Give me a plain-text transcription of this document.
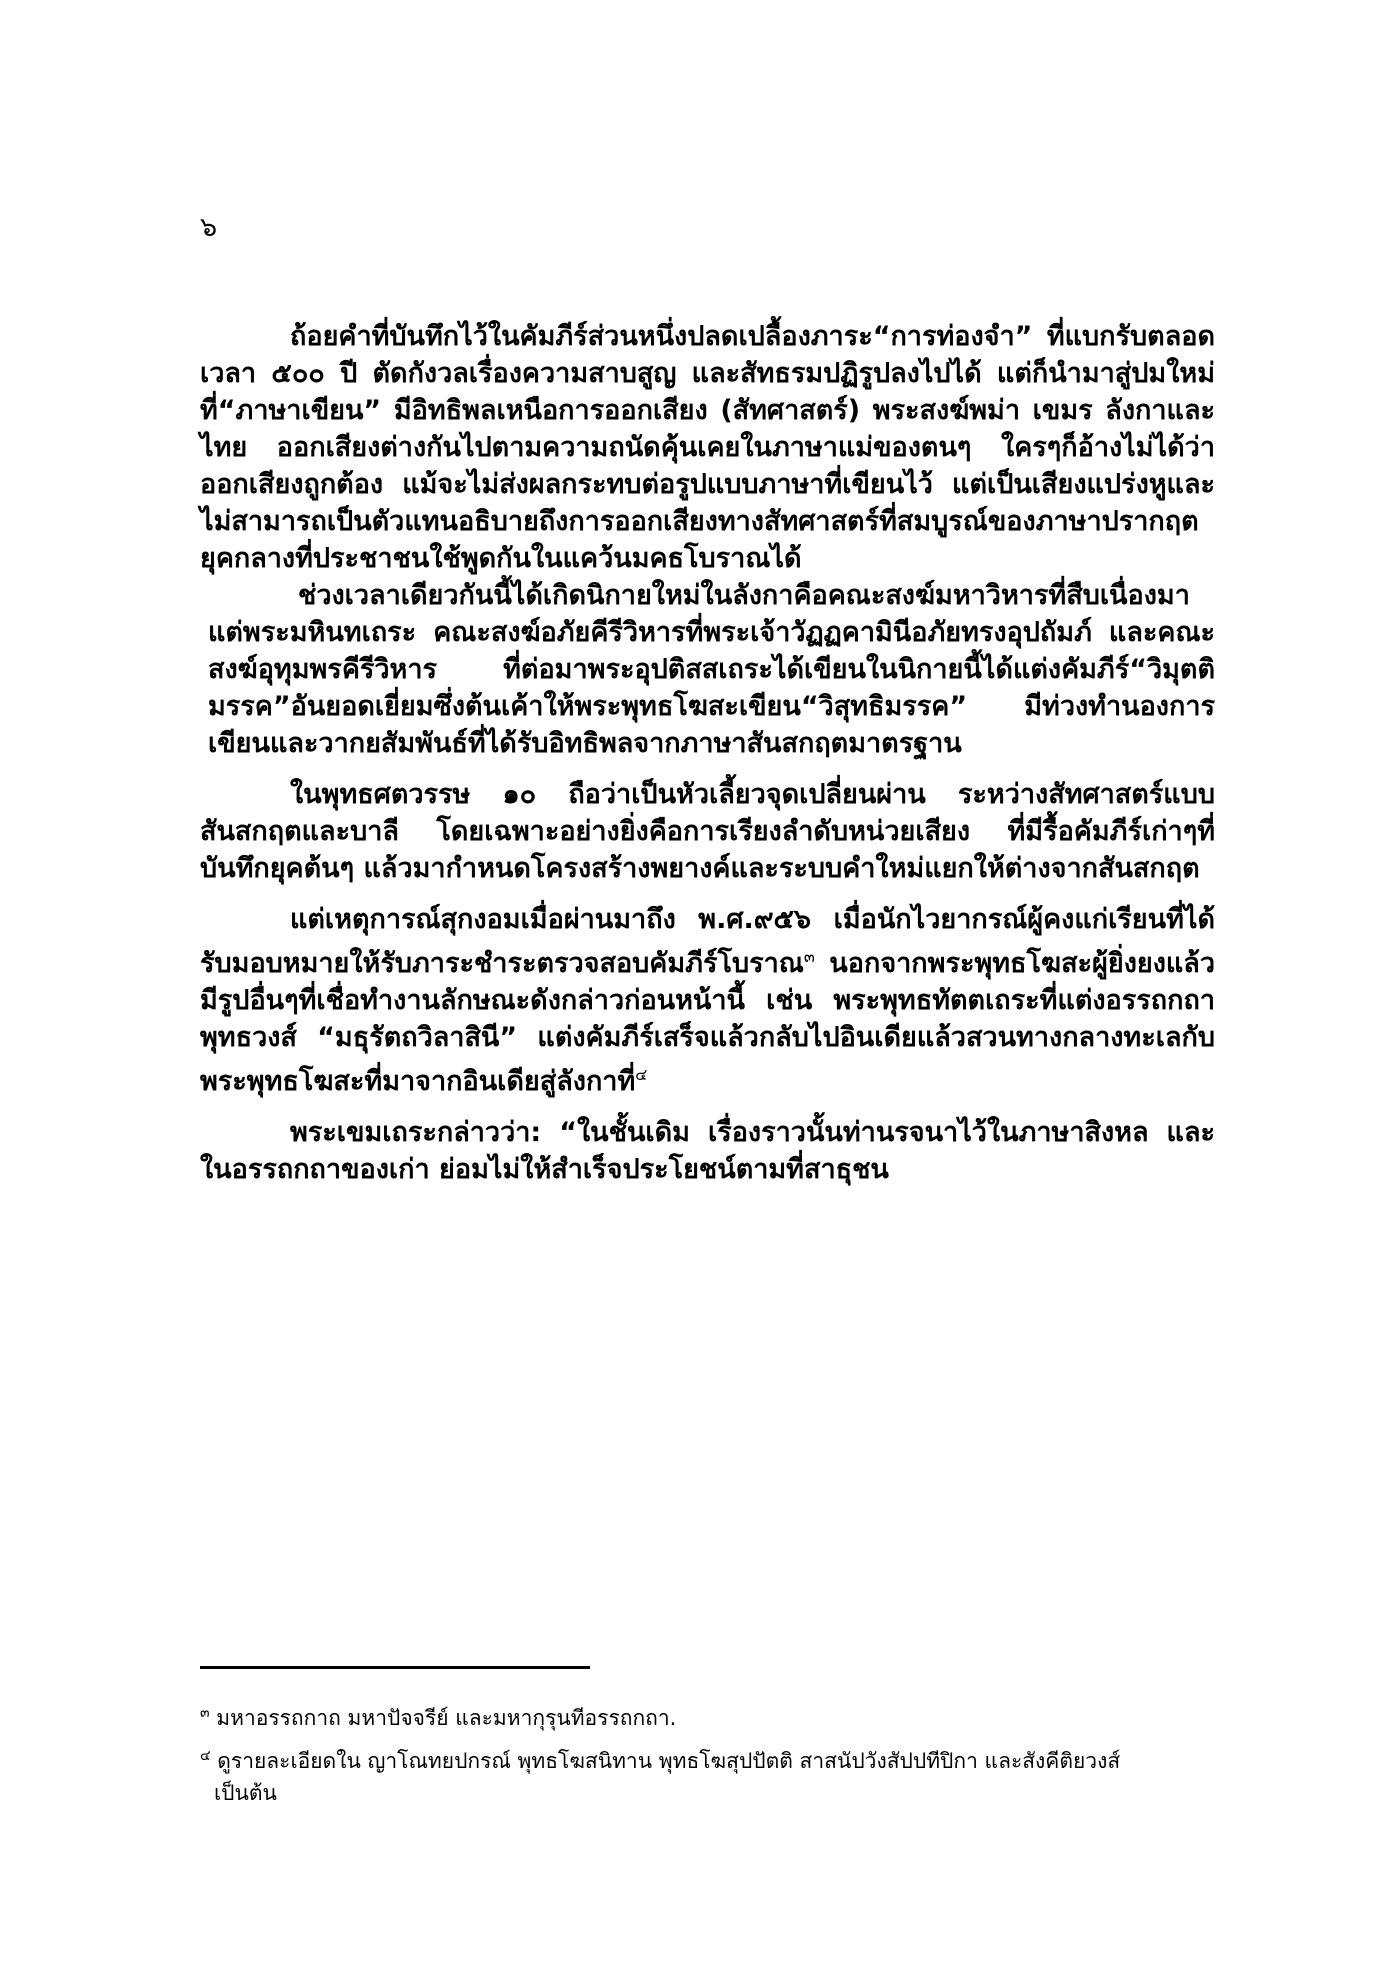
๖

ถ้อยคำที่บันทึกไว้ในคัมภีร์ส่วนหนึ่งปลดเปลื้องภาระ“การท่องจำ” ที่แบกรับตลอด เวลา ๕๐๐ ปี ตัดกังวลเรื่องความสาบสูญ และสัทธรมปฏิรูปลงไปได้ แต่ก็นำมาสู่ปมใหม่ที่“ภาษาเขียน” มีอิทธิพลเหนือการออกเสียง (สัทศาสตร์) พระสงฆ์พม่า เขมร ลังกาและไทย ออกเสียงต่างกันไปตามความถนัดคุ้นเคยในภาษาแม่ของตนๆ ใครๆก็อ้างไม่ได้ว่าออกเสียงถูกต้อง แม้จะไม่ส่งผลกระทบต่อรูปแบบภาษาที่เขียนไว้ แต่เป็นเสียงแปร่งหูและไม่สามารถเป็นตัวแทนอธิบายถึงการออกเสียงทางสัทศาสตร์ที่สมบูรณ์ของภาษาปรากฤตยุคกลางที่ประชาชนใช้พูดกันในแคว้นมคธโบราณได้

ช่วงเวลาเดียวกันนี้ได้เกิดนิกายใหม่ในลังกาคือคณะสงฆ์มหาวิหารที่สืบเนื่องมาแต่พระมหินทเถระ คณะสงฆ์อภัยคีรีวิหารที่พระเจ้าวัฏฏคามินีอภัยทรงอุปถัมภ์ และคณะสงฆ์อุทุมพรคีรีวิหาร ที่ต่อมาพระอุปติสสเถระได้เขียนในนิกายนี้ได้แต่งคัมภีร์“วิมุตติมรรค”อันยอดเยี่ยมซึ่งต้นเค้าให้พระพุทธโฆสะเขียน“วิสุทธิมรรค” มีท่วงทำนองการเขียนและวากยสัมพันธ์ที่ได้รับอิทธิพลจากภาษาสันสกฤตมาตรฐาน

ในพุทธศตวรรษ ๑๐ ถือว่าเป็นหัวเลี้ยวจุดเปลี่ยนผ่าน ระหว่างสัทศาสตร์แบบสันสกฤตและบาลี โดยเฉพาะอย่างยิ่งคือการเรียงลำดับหน่วยเสียง ที่มีรื้อคัมภีร์เก่าๆที่บันทึกยุคต้นๆ แล้วมากำหนดโครงสร้างพยางค์และระบบคำใหม่แยกให้ต่างจากสันสกฤต

แต่เหตุการณ์สุกงอมเมื่อผ่านมาถึง พ.ศ.๙๕๖ เมื่อนักไวยากรณ์ผู้คงแก่เรียนที่ได้รับมอบหมายให้รับภาระชำระตรวจสอบคัมภีร์โบราณ$^๓$ นอกจากพระพุทธโฆสะผู้ยิ่งยงแล้ว มีรูปอื่นๆที่เชื่อทำงานลักษณะดังกล่าวก่อนหน้านี้ เช่น พระพุทธทัตตเถระที่แต่งอรรถกถาพุทธวงส์ “มธุรัตถวิลาสินี” แต่งคัมภีร์เสร็จแล้วกลับไปอินเดียแล้วสวนทางกลางทะเลกับพระพุทธโฆสะที่มาจากอินเดียสู่ลังกาที่$^๔$

พระเขมเถระกล่าวว่า: “ในชั้นเดิม เรื่องราวนั้นท่านรจนาไว้ในภาษาสิงหล และในอรรถกถาของเก่า ย่อมไม่ให้สำเร็จประโยชน์ตามที่สาธุชน

$^๓$ มหาอรรถกาถ มหาปัจจรีย์ และมหากุรุนทีอรรถกถา.

$^๔$ ดูรายละเอียดใน ญาโณทยปกรณ์ พุทธโฆสนิทาน พุทธโฆสุปปัตติ สาสนัปวังสัปปทีปิกา และสังคีติยวงส์ เป็นต้น
